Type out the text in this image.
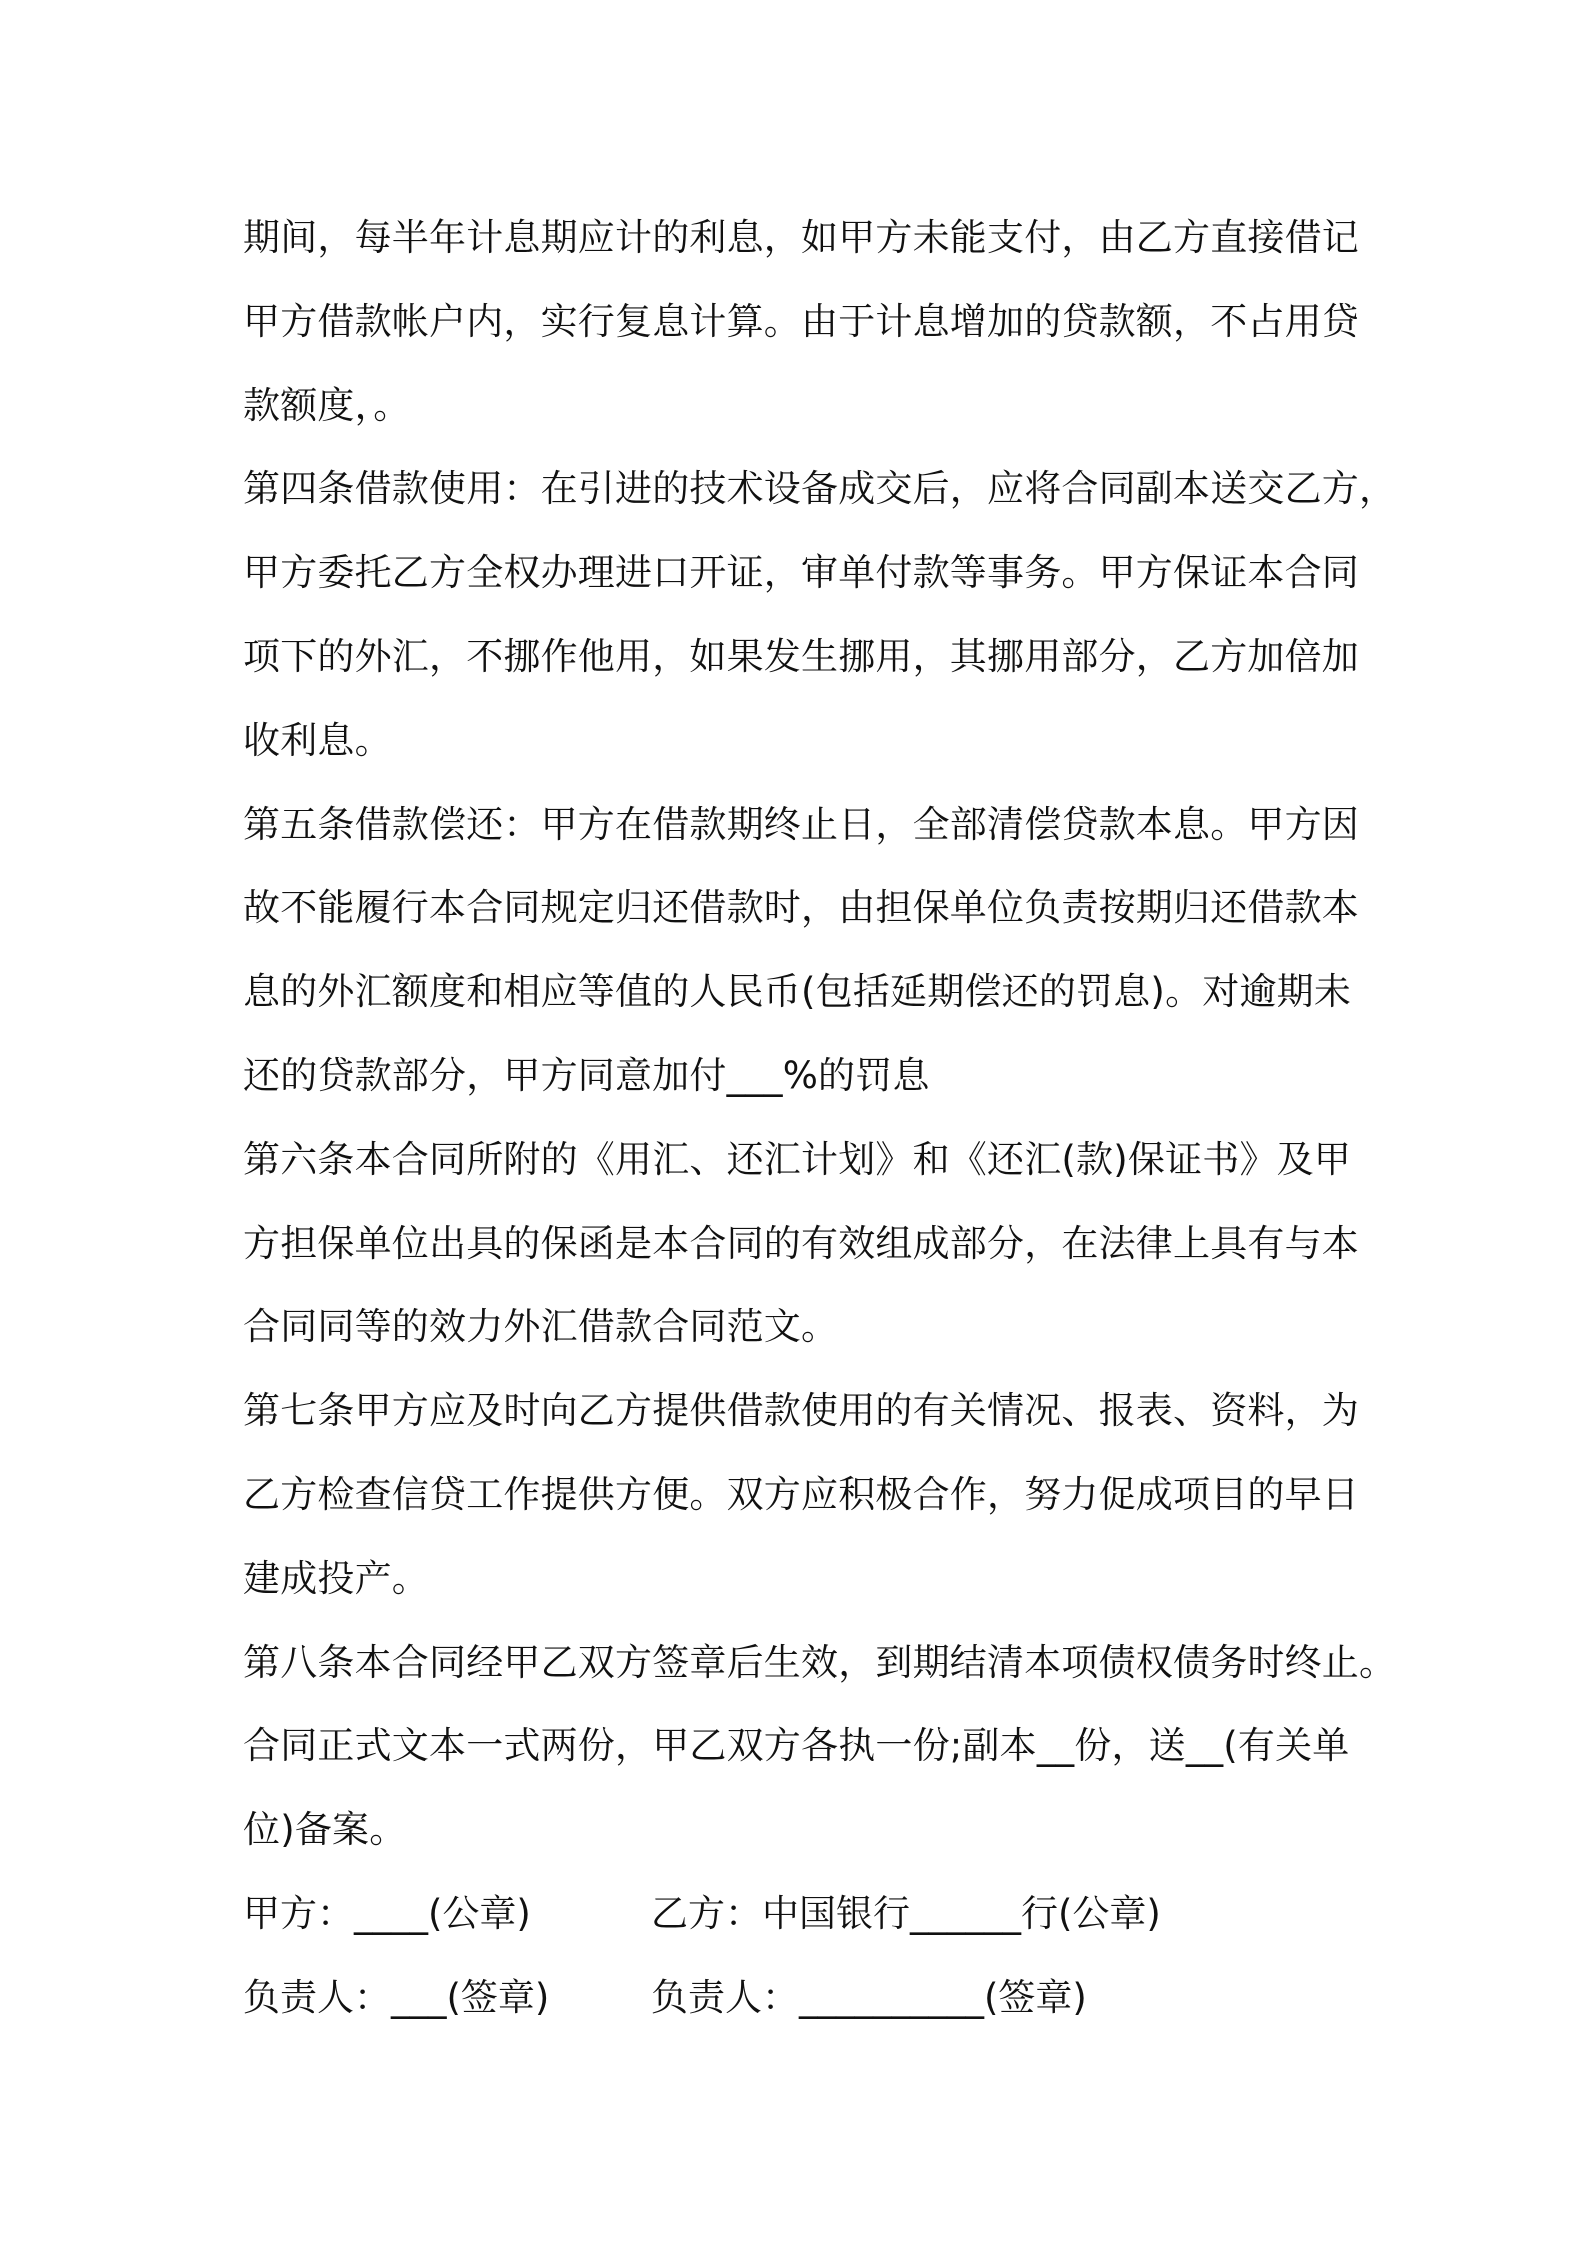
期间，每半年计息期应计的利息，如甲方未能支付，由乙方直接借记
甲方借款帐户内，实行复息计算。由于计息增加的贷款额，不占用贷
款额度，。
第四条借款使用：在引进的技术设备成交后，应将合同副本送交乙方，
甲方委托乙方全权办理进口开证，审单付款等事务。甲方保证本合同
项下的外汇，不挪作他用，如果发生挪用，其挪用部分，乙方加倍加
收利息。
第五条借款偿还：甲方在借款期终止日，全部清偿贷款本息。甲方因
故不能履行本合同规定归还借款时，由担保单位负责按期归还借款本
息的外汇额度和相应等值的人民币(包括延期偿还的罚息)。对逾期未
还的贷款部分，甲方同意加付___%的罚息
第六条本合同所附的《用汇、还汇计划》和《还汇(款)保证书》及甲
方担保单位出具的保函是本合同的有效组成部分，在法律上具有与本
合同同等的效力外汇借款合同范文。
第七条甲方应及时向乙方提供借款使用的有关情况、报表、资料，为
乙方检查信贷工作提供方便。双方应积极合作，努力促成项目的早日
建成投产。
第八条本合同经甲乙双方签章后生效，到期结清本项债权债务时终止。
合同正式文本一式两份，甲乙双方各执一份;副本__份，送__(有关单
位)备案。
甲方：____(公章)	乙方：中国银行______行(公章)
负责人：___(签章)	负责人：__________(签章)
